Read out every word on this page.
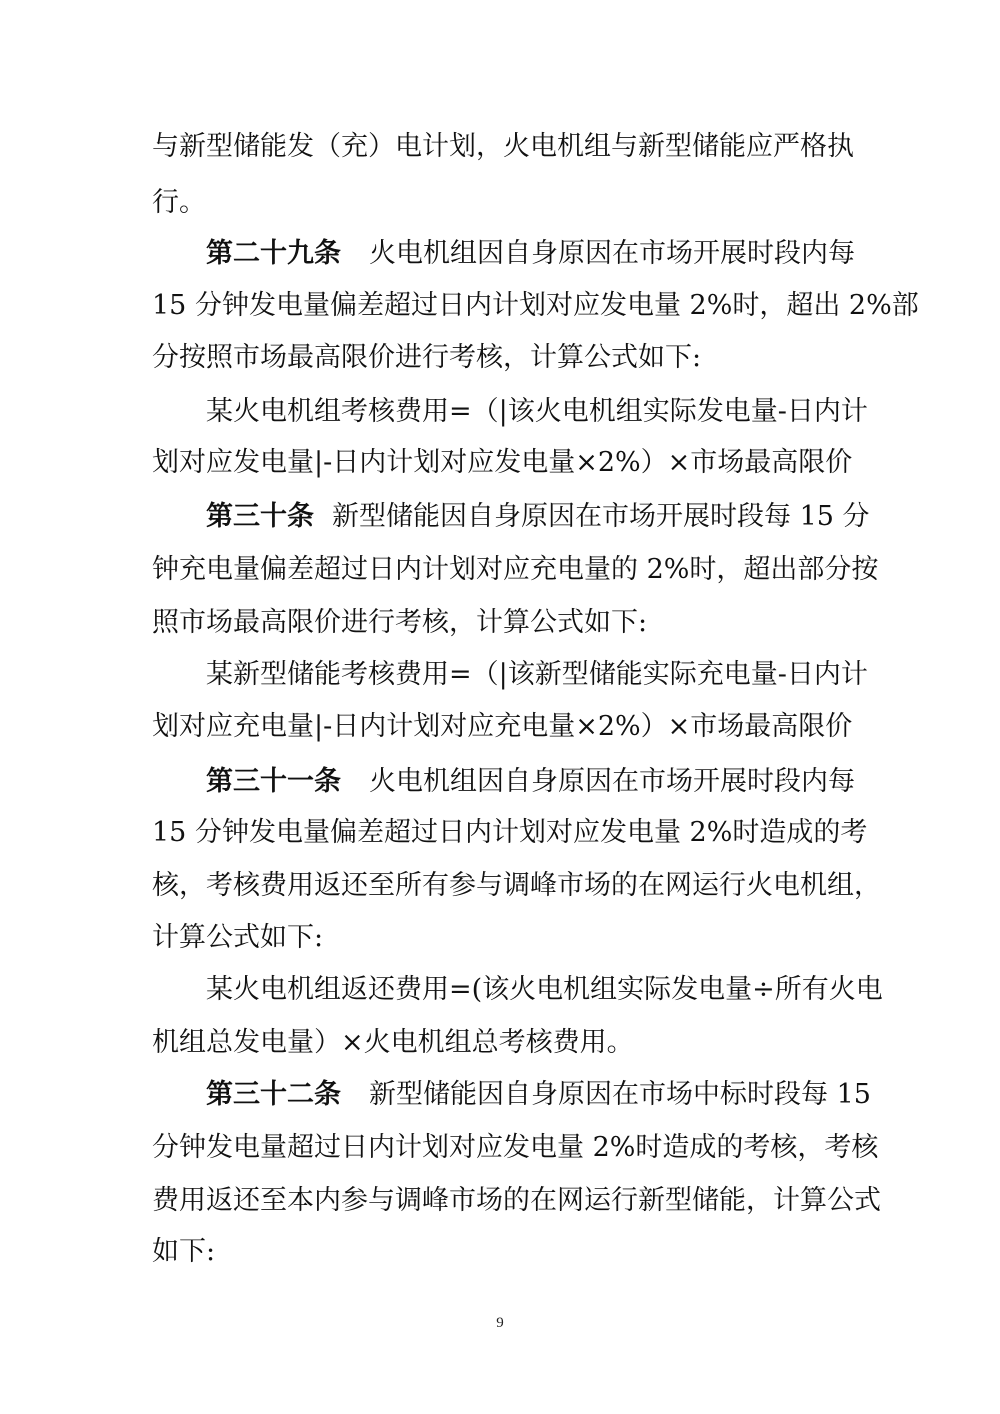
与新型储能发（充）电计划，火电机组与新型储能应严格执
行。
第二十九条 火电机组因自身原因在市场开展时段内每
15 分钟发电量偏差超过日内计划对应发电量 2%时，超出 2%部
分按照市场最高限价进行考核，计算公式如下:
某火电机组考核费用=（|该火电机组实际发电量-日内计
划对应发电量|-日内计划对应发电量×2%）×市场最高限价
第三十条 新型储能因自身原因在市场开展时段每 15 分
钟充电量偏差超过日内计划对应充电量的 2%时，超出部分按
照市场最高限价进行考核，计算公式如下:
某新型储能考核费用=（|该新型储能实际充电量-日内计
划对应充电量|-日内计划对应充电量×2%）×市场最高限价
第三十一条 火电机组因自身原因在市场开展时段内每
15 分钟发电量偏差超过日内计划对应发电量 2%时造成的考
核，考核费用返还至所有参与调峰市场的在网运行火电机组，
计算公式如下:
某火电机组返还费用=(该火电机组实际发电量÷所有火电
机组总发电量）×火电机组总考核费用。
第三十二条 新型储能因自身原因在市场中标时段每 15
分钟发电量超过日内计划对应发电量 2%时造成的考核，考核
费用返还至本内参与调峰市场的在网运行新型储能，计算公式
如下:
9
